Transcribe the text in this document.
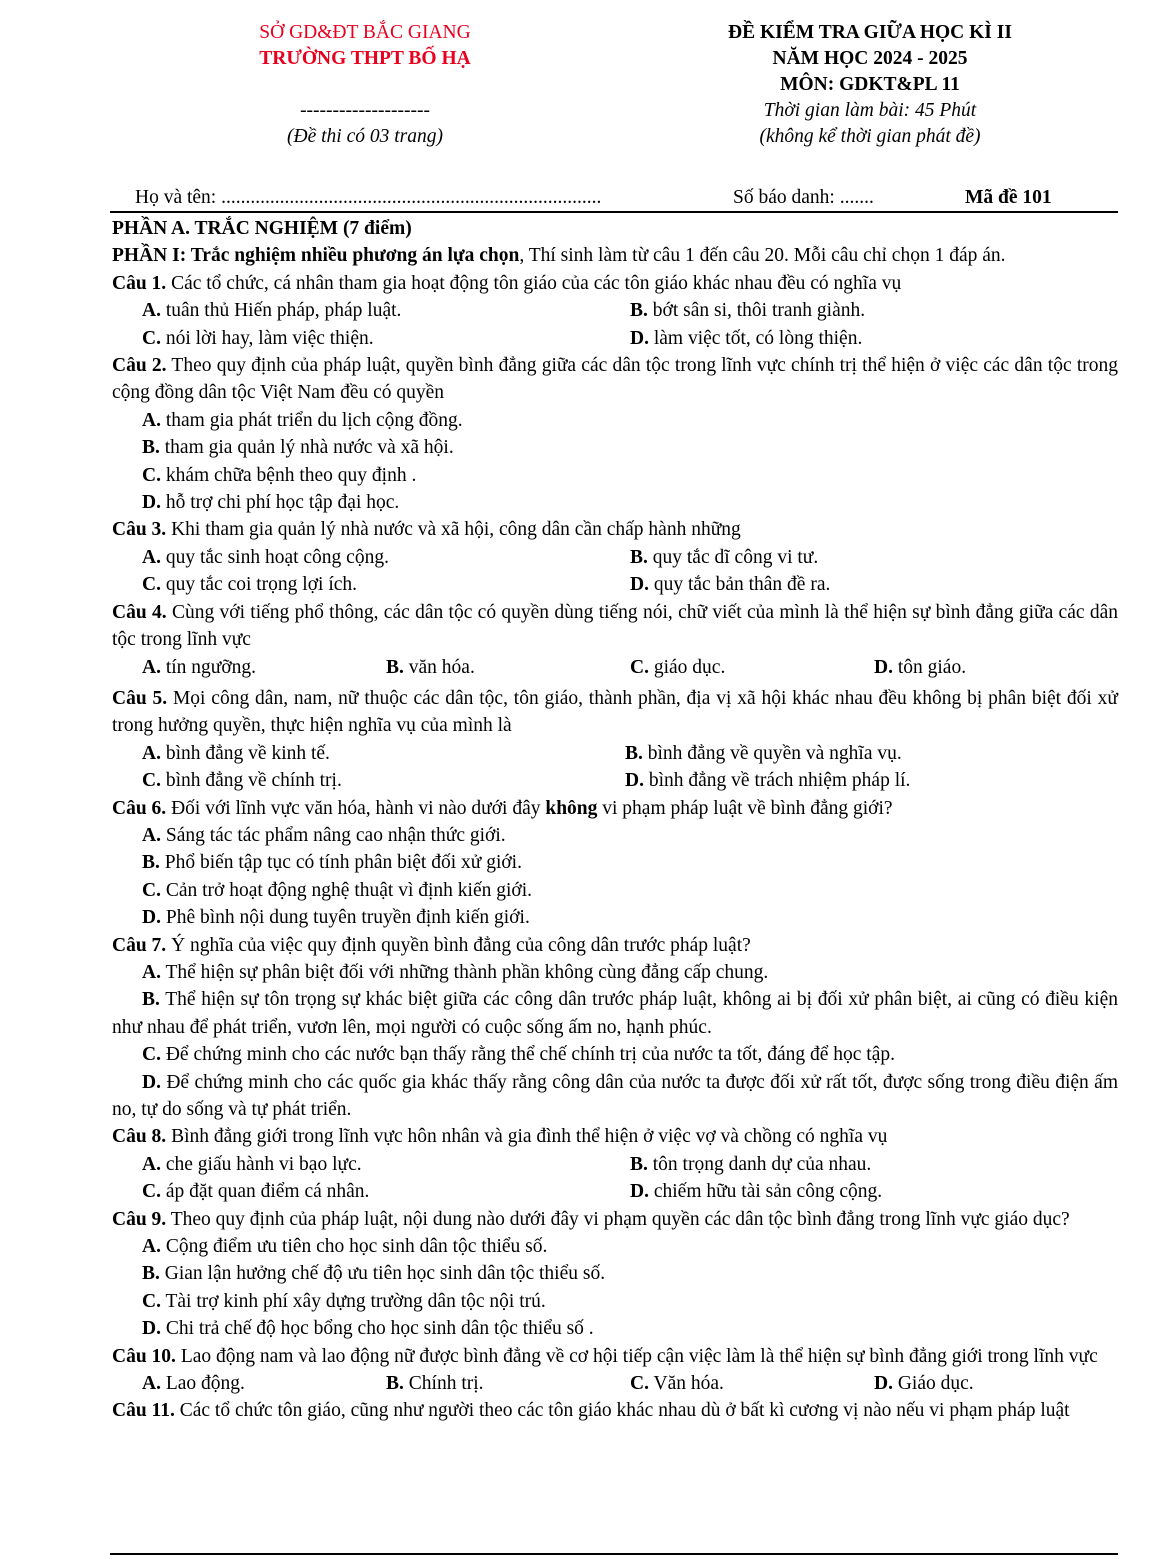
SỞ GD&ĐT BẮC GIANG
TRƯỜNG THPT BỐ HẠ
--------------------
(Đề thi có 03 trang)
ĐỀ KIỂM TRA GIỮA HỌC KÌ II
NĂM HỌC 2024 - 2025
MÔN: GDKT&PL 11
Thời gian làm bài: 45 Phút
(không kể thời gian phát đề)
Họ và tên: ..............................................................................	Số báo danh: .......	Mã đề 101
PHẦN A. TRẮC NGHIỆM (7 điểm)
PHẦN I: Trắc nghiệm nhiều phương án lựa chọn, Thí sinh làm từ câu 1 đến câu 20. Mỗi câu chỉ chọn 1 đáp án.
Câu 1. Các tổ chức, cá nhân tham gia hoạt động tôn giáo của các tôn giáo khác nhau đều có nghĩa vụ
A. tuân thủ Hiến pháp, pháp luật.	B. bớt sân si, thôi tranh giành.
C. nói lời hay, làm việc thiện.	D. làm việc tốt, có lòng thiện.
Câu 2. Theo quy định của pháp luật, quyền bình đẳng giữa các dân tộc trong lĩnh vực chính trị thể hiện ở việc các dân tộc trong cộng đồng dân tộc Việt Nam đều có quyền
A. tham gia phát triển du lịch cộng đồng.
B. tham gia quản lý nhà nước và xã hội.
C. khám chữa bệnh theo quy định .
D. hỗ trợ chi phí học tập đại học.
Câu 3. Khi tham gia quản lý nhà nước và xã hội, công dân cần chấp hành những
A. quy tắc sinh hoạt công cộng.	B. quy tắc dĩ công vi tư.
C. quy tắc coi trọng lợi ích.	D. quy tắc bản thân đề ra.
Câu 4. Cùng với tiếng phổ thông, các dân tộc có quyền dùng tiếng nói, chữ viết của mình là thể hiện sự bình đẳng giữa các dân tộc trong lĩnh vực
A. tín ngưỡng.	B. văn hóa.	C. giáo dục.	D. tôn giáo.
Câu 5. Mọi công dân, nam, nữ thuộc các dân tộc, tôn giáo, thành phần, địa vị xã hội khác nhau đều không bị phân biệt đối xử trong hưởng quyền, thực hiện nghĩa vụ của mình là
A. bình đẳng về kinh tế.	B. bình đẳng về quyền và nghĩa vụ.
C. bình đẳng về chính trị.	D. bình đẳng về trách nhiệm pháp lí.
Câu 6. Đối với lĩnh vực văn hóa, hành vi nào dưới đây không vi phạm pháp luật về bình đẳng giới?
A. Sáng tác tác phẩm nâng cao nhận thức giới.
B. Phổ biến tập tục có tính phân biệt đối xử giới.
C. Cản trở hoạt động nghệ thuật vì định kiến giới.
D. Phê bình nội dung tuyên truyền định kiến giới.
Câu 7. Ý nghĩa của việc quy định quyền bình đẳng của công dân trước pháp luật?
A. Thể hiện sự phân biệt đối với những thành phần không cùng đẳng cấp chung.
B. Thể hiện sự tôn trọng sự khác biệt giữa các công dân trước pháp luật, không ai bị đối xử phân biệt, ai cũng có điều kiện như nhau để phát triển, vươn lên, mọi người có cuộc sống ấm no, hạnh phúc.
C. Để chứng minh cho các nước bạn thấy rằng thể chế chính trị của nước ta tốt, đáng để học tập.
D. Để chứng minh cho các quốc gia khác thấy rằng công dân của nước ta được đối xử rất tốt, được sống trong điều điện ấm no, tự do sống và tự phát triển.
Câu 8. Bình đẳng giới trong lĩnh vực hôn nhân và gia đình thể hiện ở việc vợ và chồng có nghĩa vụ
A. che giấu hành vi bạo lực.	B. tôn trọng danh dự của nhau.
C. áp đặt quan điểm cá nhân.	D. chiếm hữu tài sản công cộng.
Câu 9. Theo quy định của pháp luật, nội dung nào dưới đây vi phạm quyền các dân tộc bình đẳng trong lĩnh vực giáo dục?
A. Cộng điểm ưu tiên cho học sinh dân tộc thiểu số.
B. Gian lận hưởng chế độ ưu tiên học sinh dân tộc thiểu số.
C. Tài trợ kinh phí xây dựng trường dân tộc nội trú.
D. Chi trả chế độ học bổng cho học sinh dân tộc thiểu số .
Câu 10. Lao động nam và lao động nữ được bình đẳng về cơ hội tiếp cận việc làm là thể hiện sự bình đẳng giới trong lĩnh vực
A. Lao động.	B. Chính trị.	C. Văn hóa.	D. Giáo dục.
Câu 11. Các tổ chức tôn giáo, cũng như người theo các tôn giáo khác nhau dù ở bất kì cương vị nào nếu vi phạm pháp luật
